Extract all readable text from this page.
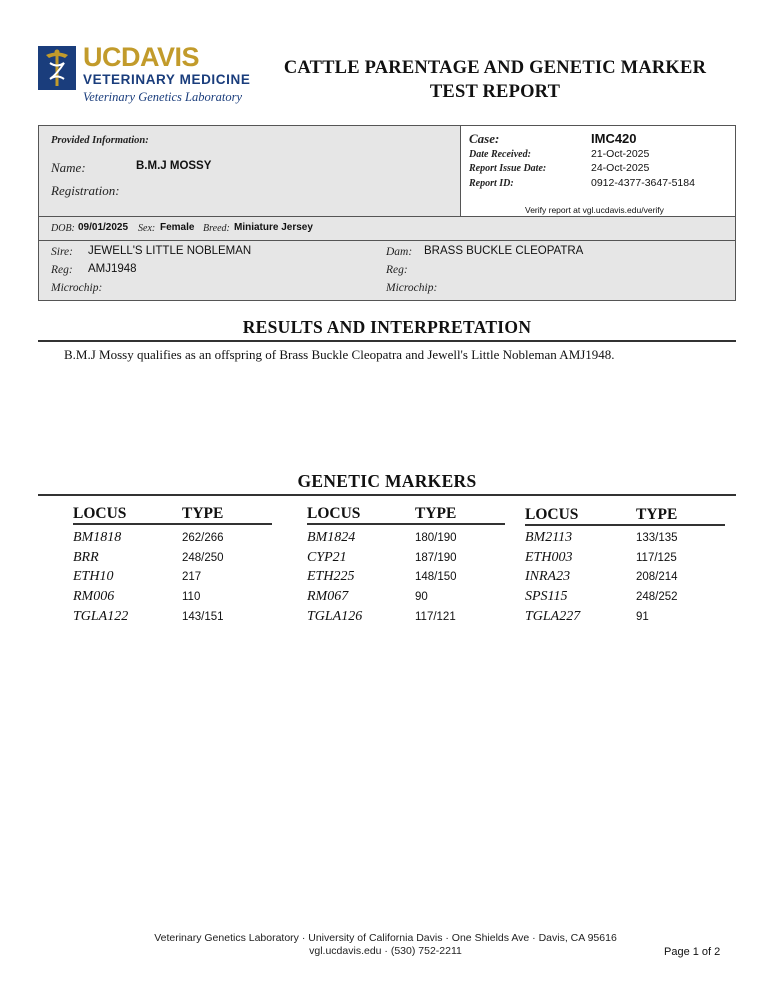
UCDAVIS
VETERINARY MEDICINE
Veterinary Genetics Laboratory
CATTLE PARENTAGE AND GENETIC MARKER
TEST REPORT
Provided Information:
Name:	B.M.J MOSSY
Registration:
Case:	IMC420
Date Received:	21-Oct-2025
Report Issue Date:	24-Oct-2025
Report ID:	0912-4377-3647-5184
Verify report at vgl.ucdavis.edu/verify
DOB: 09/01/2025 Sex: Female Breed: Miniature Jersey
Sire: JEWELL'S LITTLE NOBLEMAN
Reg: AMJ1948
Microchip:
Dam: BRASS BUCKLE CLEOPATRA
Reg:
Microchip:
RESULTS AND INTERPRETATION
B.M.J Mossy qualifies as an offspring of Brass Buckle Cleopatra and Jewell's Little Nobleman AMJ1948.
GENETIC MARKERS
LOCUS	TYPE
BM1818	262/266
BRR	248/250
ETH10	217
RM006	110
TGLA122	143/151
LOCUS	TYPE
BM1824	180/190
CYP21	187/190
ETH225	148/150
RM067	90
TGLA126	117/121
LOCUS	TYPE
BM2113	133/135
ETH003	117/125
INRA23	208/214
SPS115	248/252
TGLA227	91
Veterinary Genetics Laboratory · University of California Davis · One Shields Ave · Davis, CA 95616
vgl.ucdavis.edu · (530) 752-2211	Page 1 of 2
